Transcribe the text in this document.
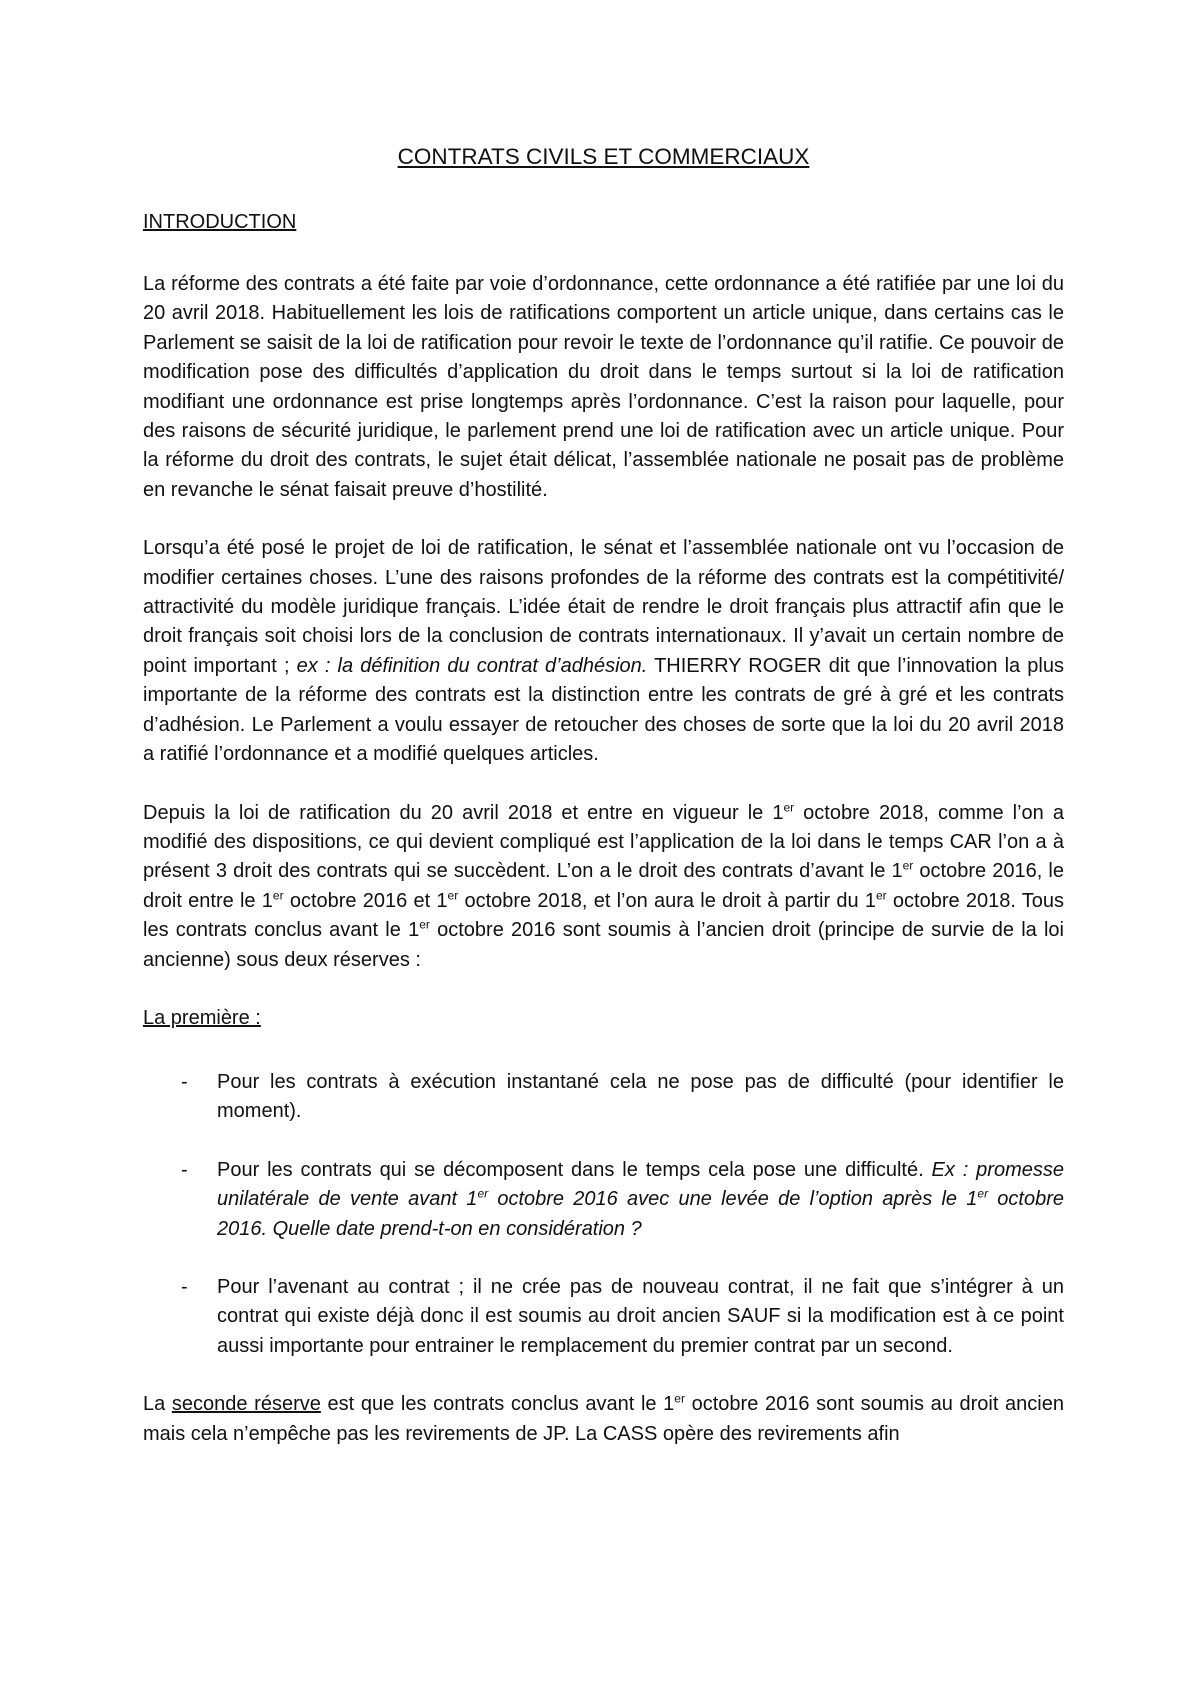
CONTRATS CIVILS ET COMMERCIAUX
INTRODUCTION

La réforme des contrats a été faite par voie d’ordonnance, cette ordonnance a été ratifiée par une loi du 20 avril 2018. Habituellement les lois de ratifications comportent un article unique, dans certains cas le Parlement se saisit de la loi de ratification pour revoir le texte de l’ordonnance qu’il ratifie. Ce pouvoir de modification pose des difficultés d’application du droit dans le temps surtout si la loi de ratification modifiant une ordonnance est prise longtemps après l’ordonnance. C’est la raison pour laquelle, pour des raisons de sécurité juridique, le parlement prend une loi de ratification avec un article unique. Pour la réforme du droit des contrats, le sujet était délicat, l’assemblée nationale ne posait pas de problème en revanche le sénat faisait preuve d’hostilité.

Lorsqu’a été posé le projet de loi de ratification, le sénat et l’assemblée nationale ont vu l’occasion de modifier certaines choses. L’une des raisons profondes de la réforme des contrats est la compétitivité/ attractivité du modèle juridique français. L’idée était de rendre le droit français plus attractif afin que le droit français soit choisi lors de la conclusion de contrats internationaux. Il y’avait un certain nombre de point important ; ex : la définition du contrat d’adhésion. THIERRY ROGER dit que l’innovation la plus importante de la réforme des contrats est la distinction entre les contrats de gré à gré et les contrats d’adhésion. Le Parlement a voulu essayer de retoucher des choses de sorte que la loi du 20 avril 2018 a ratifié l’ordonnance et a modifié quelques articles.

Depuis la loi de ratification du 20 avril 2018 et entre en vigueur le 1er octobre 2018, comme l’on a modifié des dispositions, ce qui devient compliqué est l’application de la loi dans le temps CAR l’on a à présent 3 droit des contrats qui se succèdent. L’on a le droit des contrats d’avant le 1er octobre 2016, le droit entre le 1er octobre 2016 et 1er octobre 2018, et l’on aura le droit à partir du 1er octobre 2018. Tous les contrats conclus avant le 1er octobre 2016 sont soumis à l’ancien droit (principe de survie de la loi ancienne) sous deux réserves :

La première :
- Pour les contrats à exécution instantané cela ne pose pas de difficulté (pour identifier le moment).
- Pour les contrats qui se décomposent dans le temps cela pose une difficulté. Ex : promesse unilatérale de vente avant 1er octobre 2016 avec une levée de l’option après le 1er octobre 2016. Quelle date prend-t-on en considération ?
- Pour l’avenant au contrat ; il ne crée pas de nouveau contrat, il ne fait que s’intégrer à un contrat qui existe déjà donc il est soumis au droit ancien SAUF si la modification est à ce point aussi importante pour entrainer le remplacement du premier contrat par un second.

La seconde réserve est que les contrats conclus avant le 1er octobre 2016 sont soumis au droit ancien mais cela n’empêche pas les revirements de JP. La CASS opère des revirements afin
